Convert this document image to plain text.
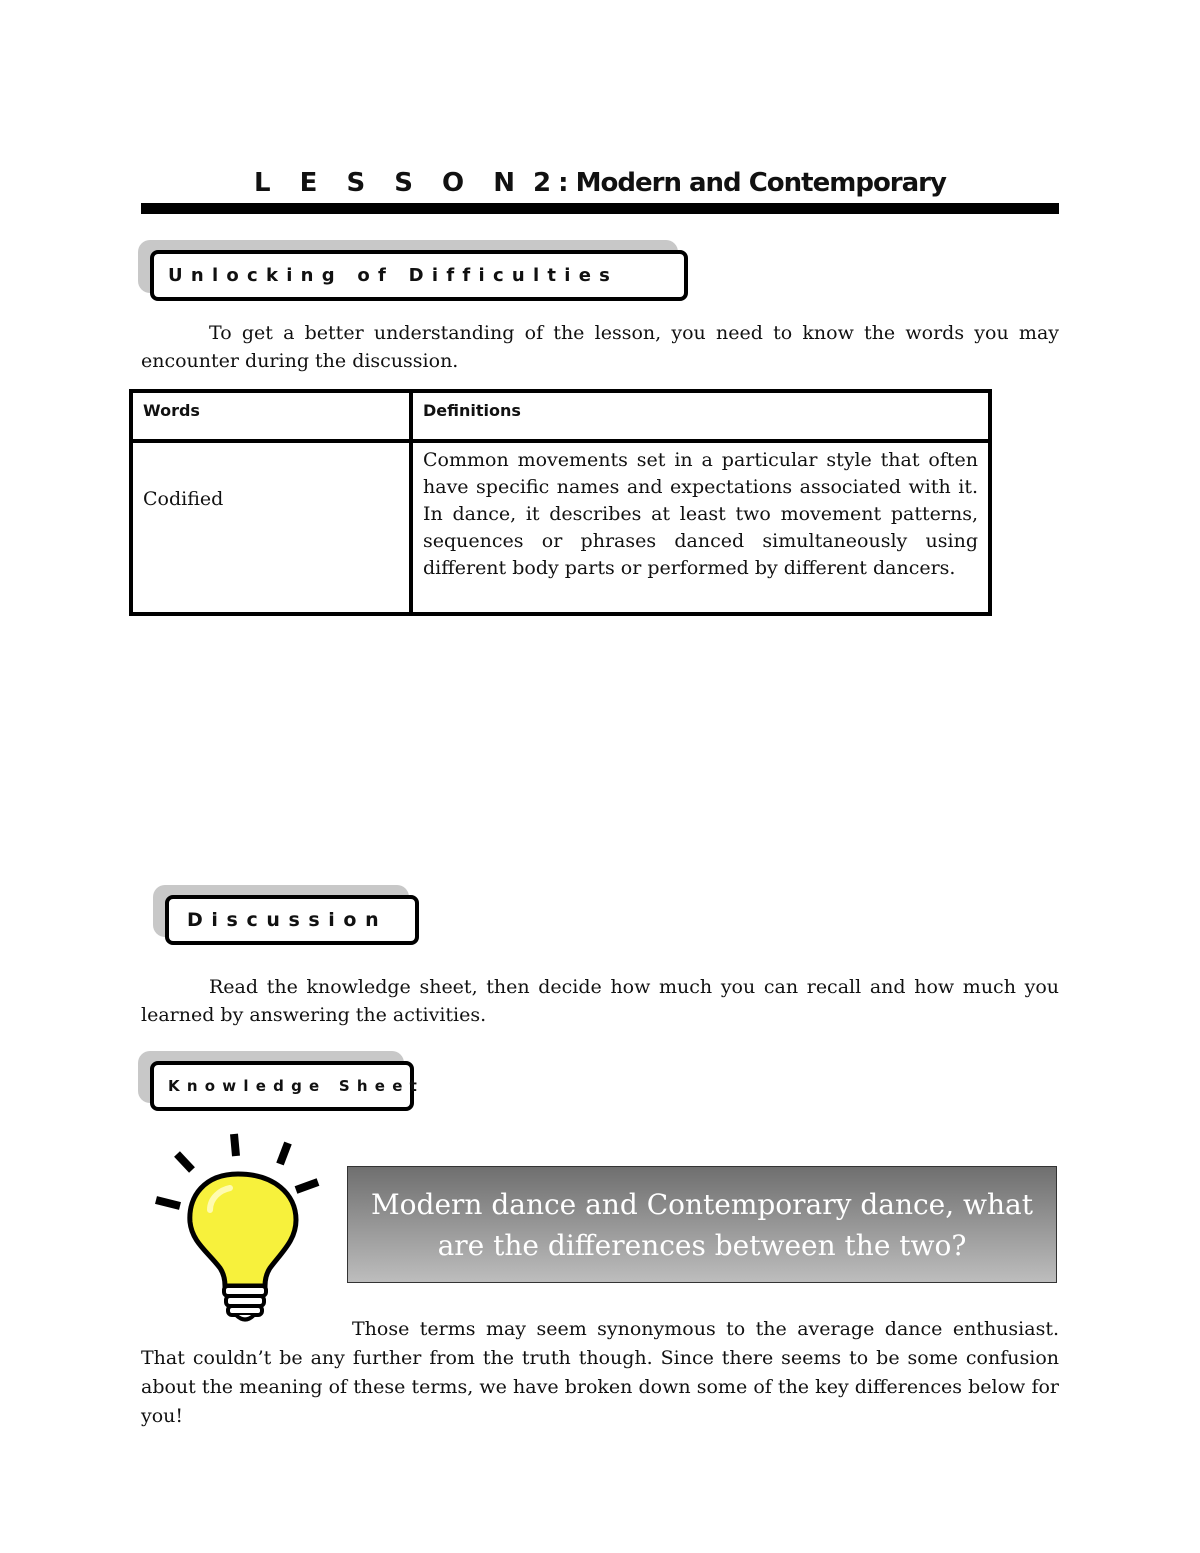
L E S S O N 2 : Modern and Contemporary
U n l o c k i n g   o f   D i f f i c u l t i e s
To get a better understanding of the lesson, you need to know the words you may encounter during the discussion.
Words	Definitions
Codified	Common movements set in a particular style that often have specific names and expectations associated with it. In dance, it describes at least two movement patterns, sequences or phrases danced simultaneously using different body parts or performed by different dancers.
D i s c u s s i o n
Read the knowledge sheet, then decide how much you can recall and how much you learned by answering the activities.
K n o w l e d g e   S h e e t
Modern dance and Contemporary dance, what are the differences between the two?
Those terms may seem synonymous to the average dance enthusiast. That couldn’t be any further from the truth though. Since there seems to be some confusion about the meaning of these terms, we have broken down some of the key differences below for you!
